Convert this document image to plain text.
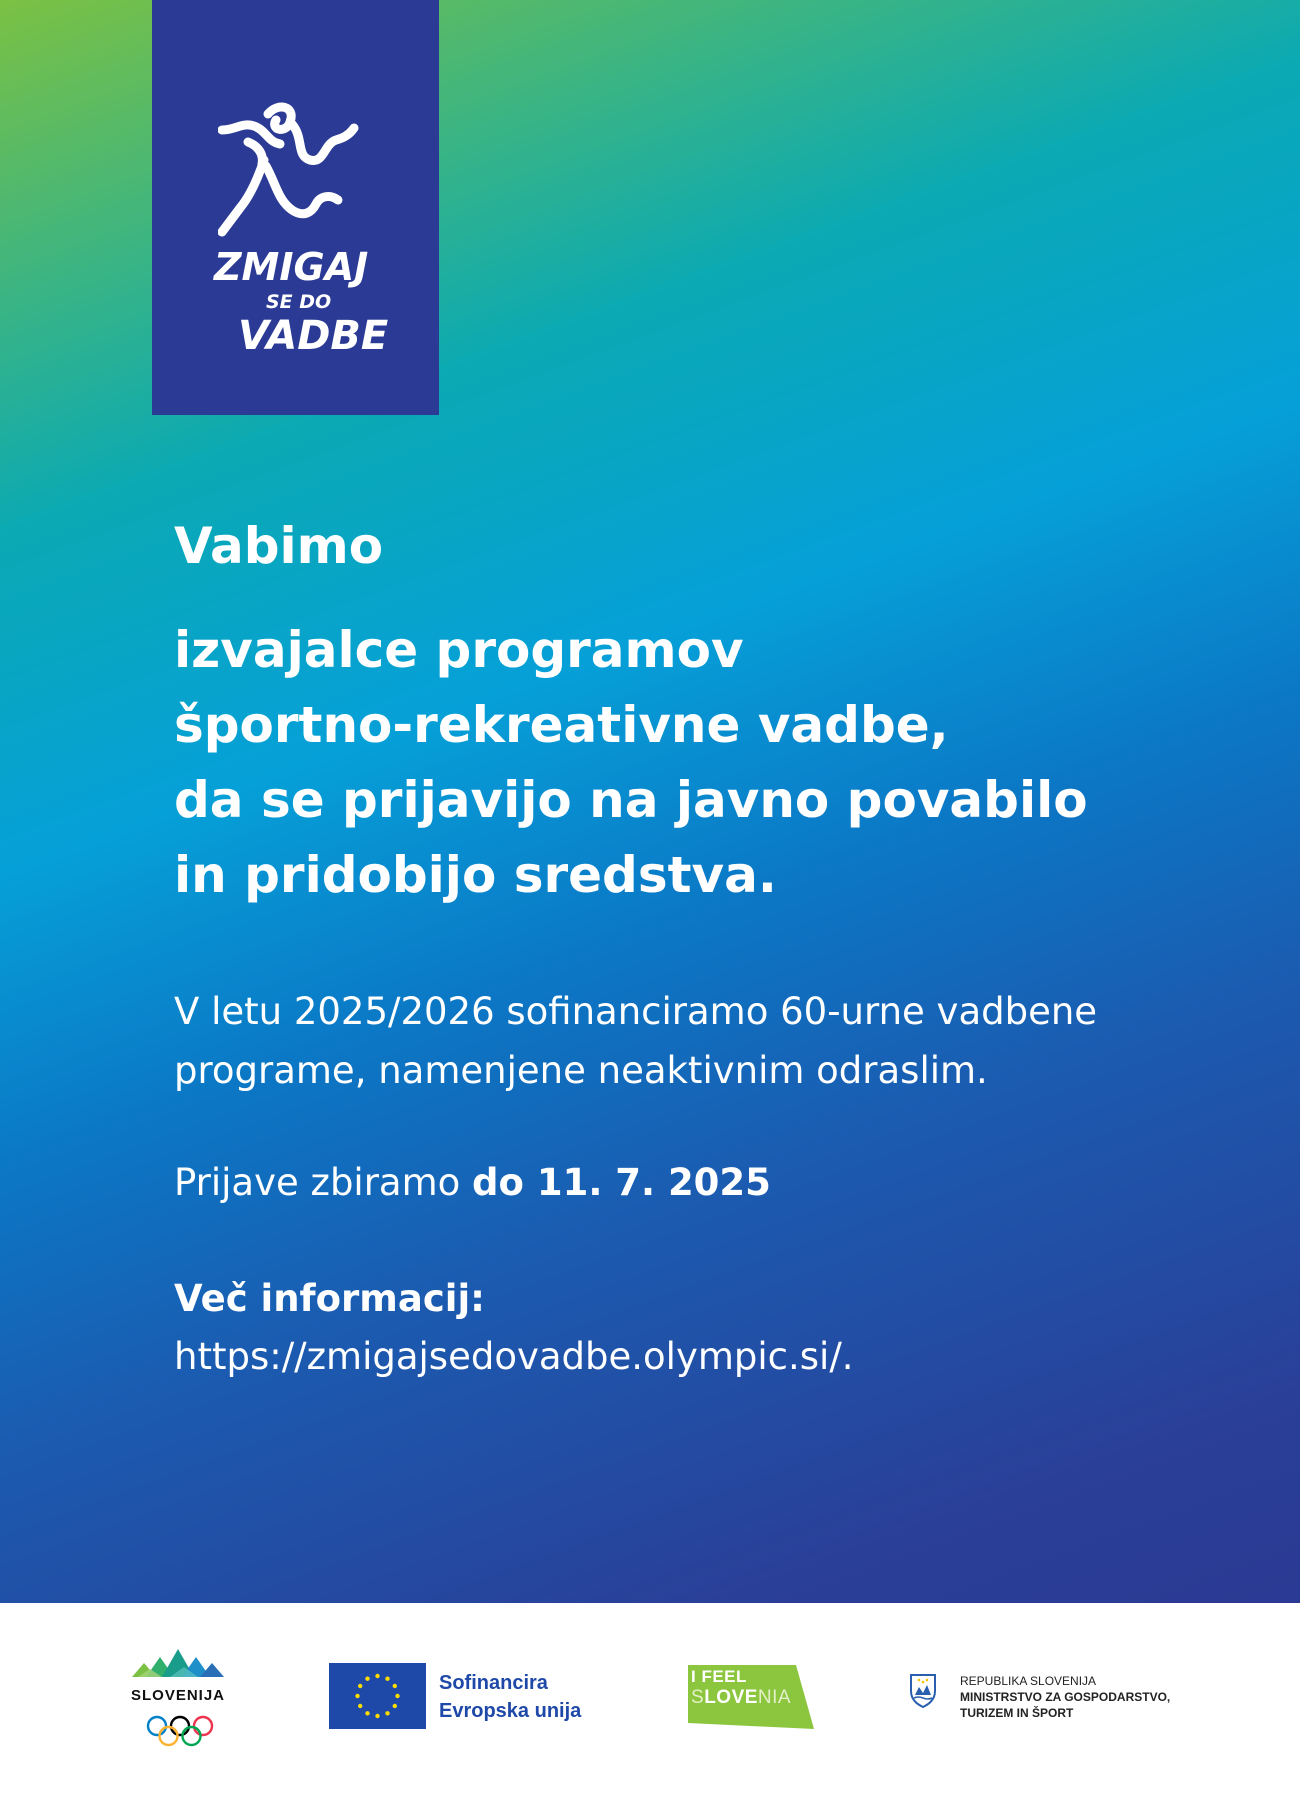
ZMIGAJ
SE DO
VADBE
Vabimo
izvajalce programov
športno-rekreativne vadbe,
da se prijavijo na javno povabilo
in pridobijo sredstva.
V letu 2025/2026 sofinanciramo 60-urne vadbene
programe, namenjene neaktivnim odraslim.
Prijave zbiramo do 11. 7. 2025
Več informacij:
https://zmigajsedovadbe.olympic.si/.
SLOVENIJA
Sofinancira
Evropska unija
I FEEL
SLOVENIA
REPUBLIKA SLOVENIJA
MINISTRSTVO ZA GOSPODARSTVO,
TURIZEM IN ŠPORT
